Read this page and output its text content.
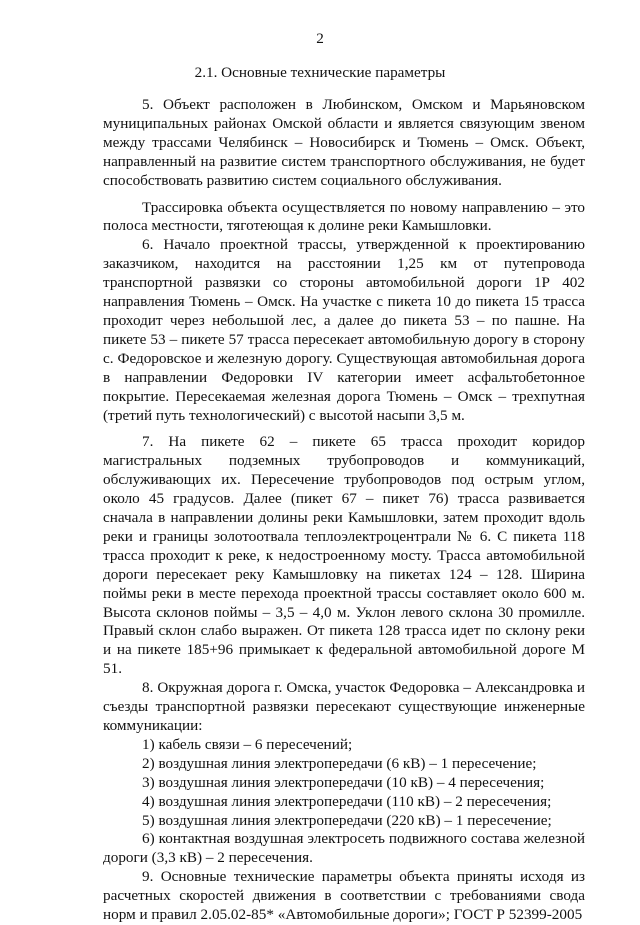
2
2.1. Основные технические параметры

5. Объект расположен в Любинском, Омском и Марьяновском муниципальных районах Омской области и является связующим звеном между трассами Челябинск – Новосибирск и Тюмень – Омск. Объект, направленный на развитие систем транспортного обслуживания, не будет способствовать развитию систем социального обслуживания.

Трассировка объекта осуществляется по новому направлению – это полоса местности, тяготеющая к долине реки Камышловки.

6. Начало проектной трассы, утвержденной к проектированию заказчиком, находится на расстоянии 1,25 км от путепровода транспортной развязки со стороны автомобильной дороги 1Р 402 направления Тюмень – Омск. На участке с пикета 10 до пикета 15 трасса проходит через небольшой лес, а далее до пикета 53 – по пашне. На пикете 53 – пикете 57 трасса пересекает автомобильную дорогу в сторону с. Федоровское и железную дорогу. Существующая автомобильная дорога в направлении Федоровки IV категории имеет асфальтобетонное покрытие. Пересекаемая железная дорога Тюмень – Омск – трехпутная (третий путь технологический) с высотой насыпи 3,5 м.

7. На пикете 62 – пикете 65 трасса проходит коридор магистральных подземных трубопроводов и коммуникаций, обслуживающих их. Пересечение трубопроводов под острым углом, около 45 градусов. Далее (пикет 67 – пикет 76) трасса развивается сначала в направлении долины реки Камышловки, затем проходит вдоль реки и границы золотоотвала теплоэлектроцентрали № 6. С пикета 118 трасса проходит к реке, к недостроенному мосту. Трасса автомобильной дороги пересекает реку Камышловку на пикетах 124 – 128. Ширина поймы реки в месте перехода проектной трассы составляет около 600 м. Высота склонов поймы – 3,5 – 4,0 м. Уклон левого склона 30 промилле. Правый склон слабо выражен. От пикета 128 трасса идет по склону реки и на пикете 185+96 примыкает к федеральной автомобильной дороге М 51.

8. Окружная дорога г. Омска, участок Федоровка – Александровка и съезды транспортной развязки пересекают существующие инженерные коммуникации:

1) кабель связи – 6 пересечений;

2) воздушная линия электропередачи (6 кВ) – 1 пересечение;

3) воздушная линия электропередачи (10 кВ) – 4 пересечения;

4) воздушная линия электропередачи (110 кВ) – 2 пересечения;

5) воздушная линия электропередачи (220 кВ) – 1 пересечение;

6) контактная воздушная электросеть подвижного состава железной дороги (3,3 кВ) – 2 пересечения.

9. Основные технические параметры объекта приняты исходя из расчетных скоростей движения в соответствии с требованиями свода норм и правил 2.05.02-85* «Автомобильные дороги»; ГОСТ Р 52399-2005
